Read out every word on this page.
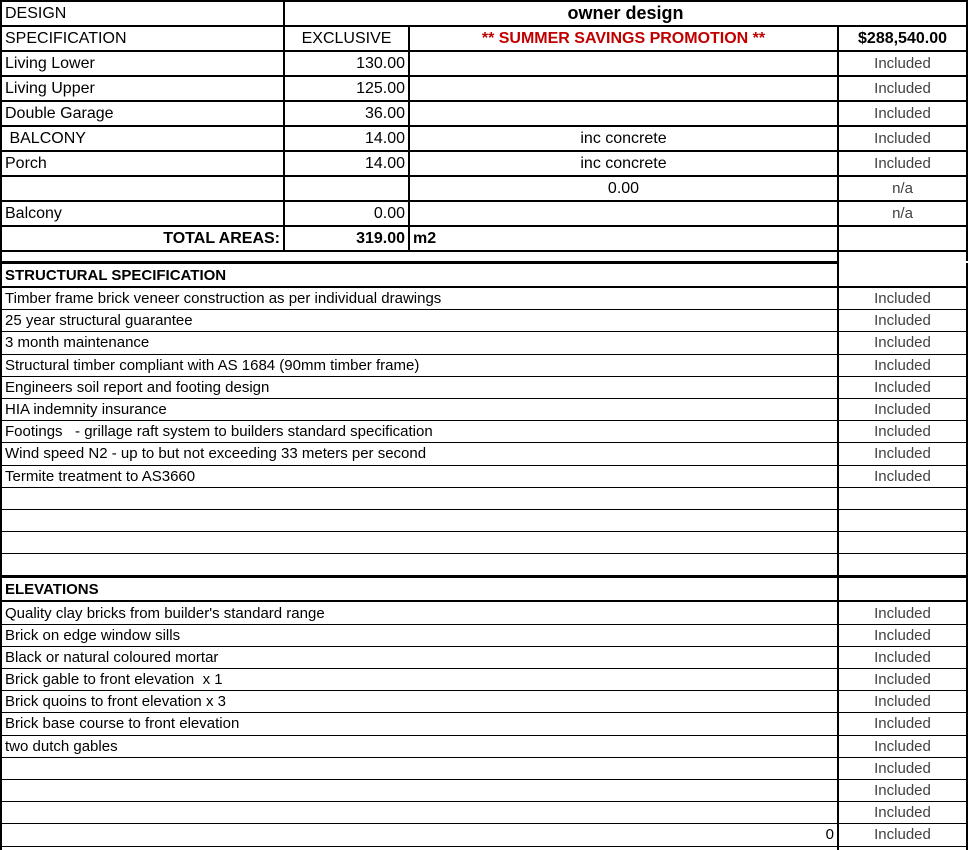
DESIGN	owner design		
SPECIFICATION	EXCLUSIVE	** SUMMER SAVINGS PROMOTION **	$288,540.00
Living Lower	130.00		Included
Living Upper	125.00		Included
Double Garage	36.00		Included
BALCONY	14.00	inc concrete	Included
Porch	14.00	inc concrete	Included
		0.00	n/a
Balcony	0.00		n/a
TOTAL AREAS:	319.00	m2	

STRUCTURAL SPECIFICATION	
Timber frame brick veneer construction as per individual drawings	Included
25 year structural guarantee	Included
3 month maintenance	Included
Structural timber compliant with AS 1684 (90mm timber frame)	Included
Engineers soil report and footing design	Included
HIA indemnity insurance	Included
Footings   - grillage raft system to builders standard specification	Included
Wind speed N2 - up to but not exceeding 33 meters per second	Included
Termite treatment to AS3660	Included

ELEVATIONS	
Quality clay bricks from builder's standard range	Included
Brick on edge window sills	Included
Black or natural coloured mortar	Included
Brick gable to front elevation  x 1	Included
Brick quoins to front elevation x 3	Included
Brick base course to front elevation	Included
two dutch gables	Included
	Included
	Included
	Included
0	Included
